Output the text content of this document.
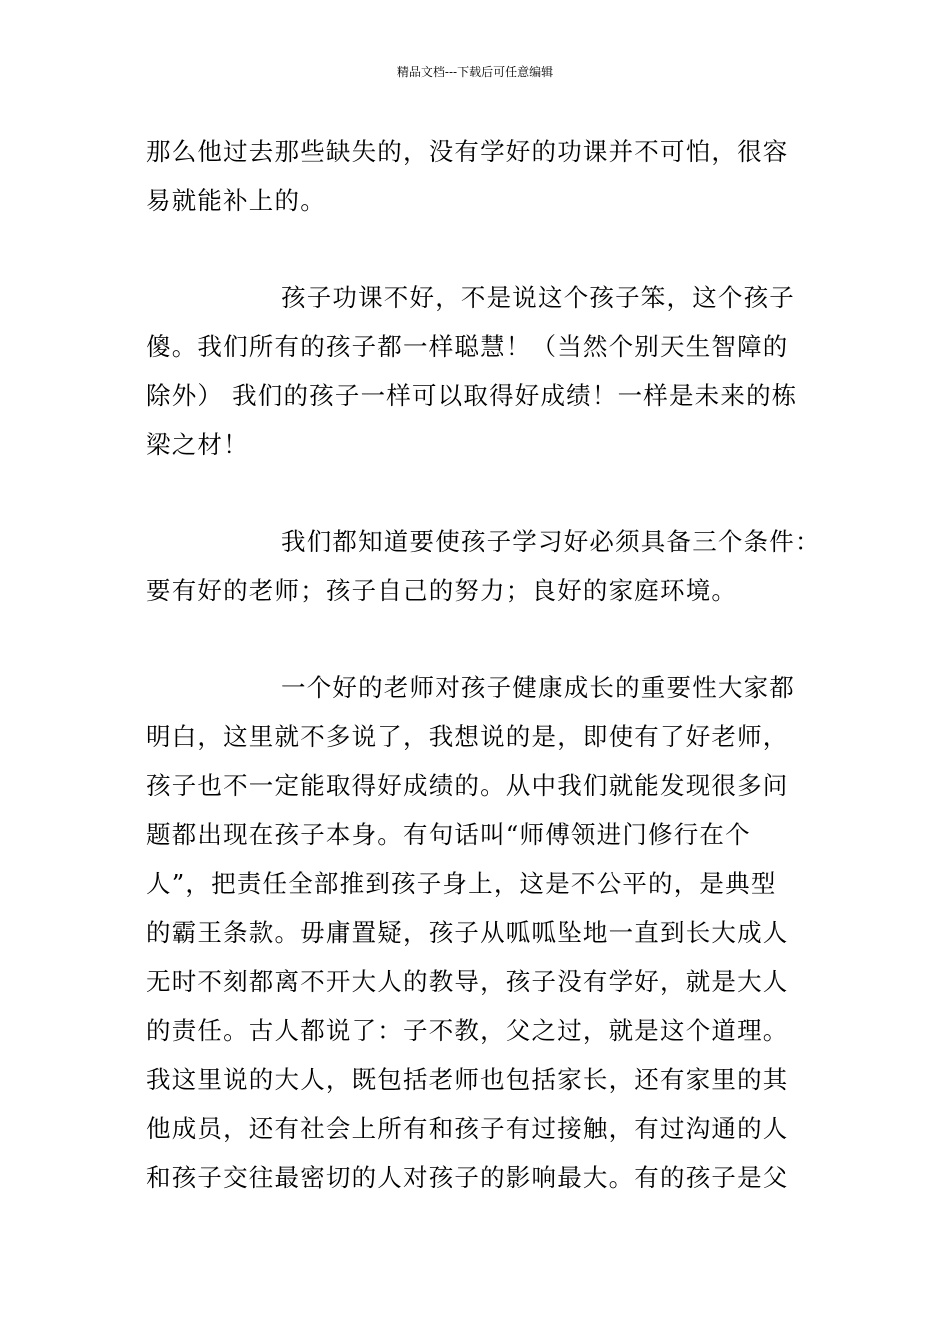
精品文档---下载后可任意编辑
那么他过去那些缺失的，没有学好的功课并不可怕，很容
易就能补上的。
孩子功课不好，不是说这个孩子笨，这个孩子
傻。我们所有的孩子都一样聪慧！（当然个别天生智障的
除外） 我们的孩子一样可以取得好成绩！一样是未来的栋
梁之材！
我们都知道要使孩子学习好必须具备三个条件：
要有好的老师；孩子自己的努力；良好的家庭环境。
一个好的老师对孩子健康成长的重要性大家都
明白，这里就不多说了，我想说的是，即使有了好老师，
孩子也不一定能取得好成绩的。从中我们就能发现很多问
题都出现在孩子本身。有句话叫“师傅领进门修行在个
人”，把责任全部推到孩子身上，这是不公平的，是典型
的霸王条款。毋庸置疑，孩子从呱呱坠地一直到长大成人
无时不刻都离不开大人的教导，孩子没有学好，就是大人
的责任。古人都说了：子不教，父之过，就是这个道理。
我这里说的大人，既包括老师也包括家长，还有家里的其
他成员，还有社会上所有和孩子有过接触，有过沟通的人
和孩子交往最密切的人对孩子的影响最大。有的孩子是父
